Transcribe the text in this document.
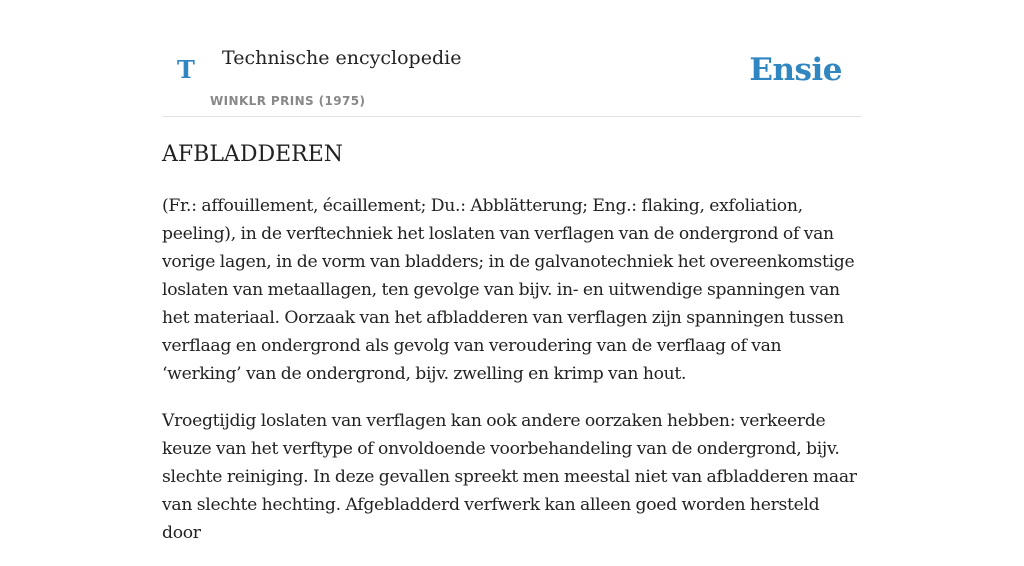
T Technische encyclopedie
WINKLR PRINS (1975)
Ensie
AFBLADDEREN

(Fr.: affouillement, écaillement; Du.: Abblätterung; Eng.: flaking, exfoliation, peeling), in de verftechniek het loslaten van verflagen van de ondergrond of van vorige lagen, in de vorm van bladders; in de galvanotechniek het overeenkomstige loslaten van metaallagen, ten gevolge van bijv. in- en uitwendige spanningen van het materiaal. Oorzaak van het afbladderen van verflagen zijn spanningen tussen verflaag en ondergrond als gevolg van veroudering van de verflaag of van ‘werking’ van de ondergrond, bijv. zwelling en krimp van hout.

Vroegtijdig loslaten van verflagen kan ook andere oorzaken hebben: verkeerde keuze van het verftype of onvoldoende voorbehandeling van de ondergrond, bijv. slechte reiniging. In deze gevallen spreekt men meestal niet van afbladderen maar van slechte hechting. Afgebladderd verfwerk kan alleen goed worden hersteld door
